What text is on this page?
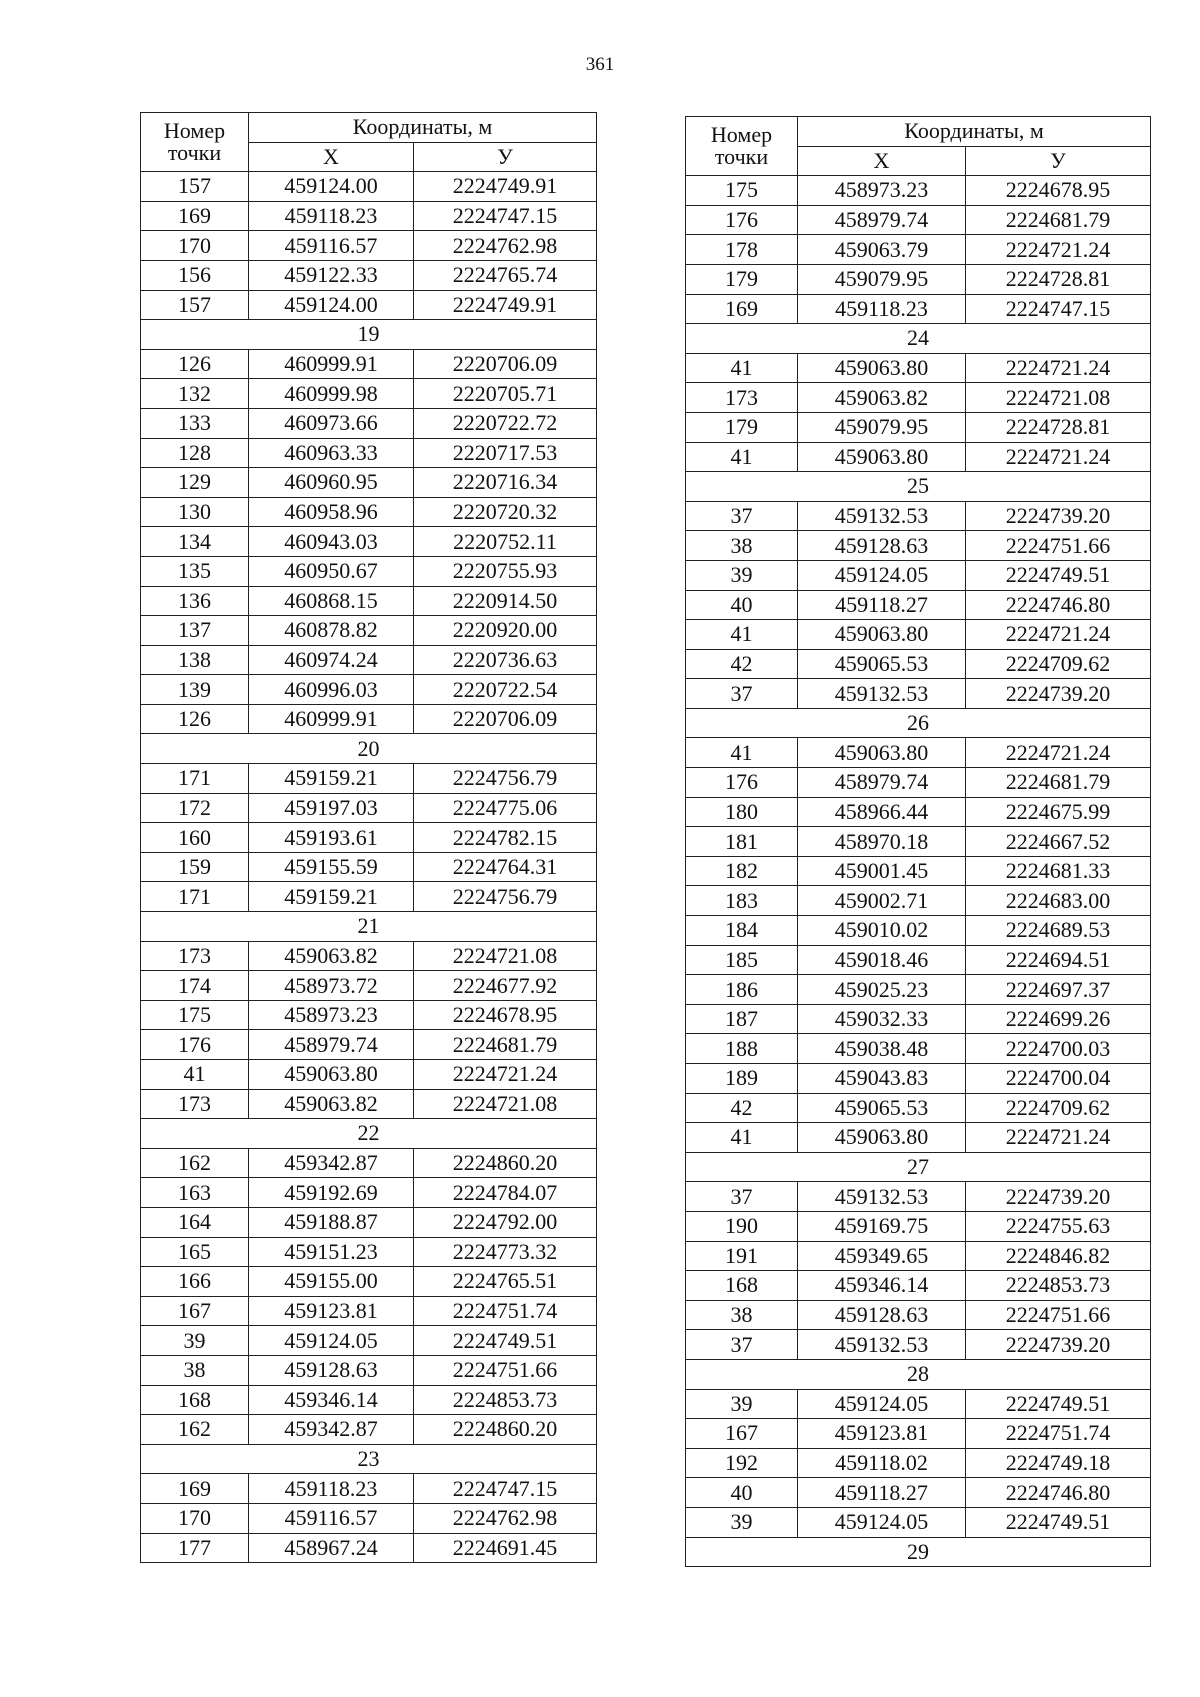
361
Номер
точки	Координаты, м	
	X	У
157	459124.00	2224749.91
169	459118.23	2224747.15
170	459116.57	2224762.98
156	459122.33	2224765.74
157	459124.00	2224749.91
19		
126	460999.91	2220706.09
132	460999.98	2220705.71
133	460973.66	2220722.72
128	460963.33	2220717.53
129	460960.95	2220716.34
130	460958.96	2220720.32
134	460943.03	2220752.11
135	460950.67	2220755.93
136	460868.15	2220914.50
137	460878.82	2220920.00
138	460974.24	2220736.63
139	460996.03	2220722.54
126	460999.91	2220706.09
20		
171	459159.21	2224756.79
172	459197.03	2224775.06
160	459193.61	2224782.15
159	459155.59	2224764.31
171	459159.21	2224756.79
21		
173	459063.82	2224721.08
174	458973.72	2224677.92
175	458973.23	2224678.95
176	458979.74	2224681.79
41	459063.80	2224721.24
173	459063.82	2224721.08
22		
162	459342.87	2224860.20
163	459192.69	2224784.07
164	459188.87	2224792.00
165	459151.23	2224773.32
166	459155.00	2224765.51
167	459123.81	2224751.74
39	459124.05	2224749.51
38	459128.63	2224751.66
168	459346.14	2224853.73
162	459342.87	2224860.20
23		
169	459118.23	2224747.15
170	459116.57	2224762.98
177	458967.24	2224691.45
Номер
точки	Координаты, м	
	X	У
175	458973.23	2224678.95
176	458979.74	2224681.79
178	459063.79	2224721.24
179	459079.95	2224728.81
169	459118.23	2224747.15
24		
41	459063.80	2224721.24
173	459063.82	2224721.08
179	459079.95	2224728.81
41	459063.80	2224721.24
25		
37	459132.53	2224739.20
38	459128.63	2224751.66
39	459124.05	2224749.51
40	459118.27	2224746.80
41	459063.80	2224721.24
42	459065.53	2224709.62
37	459132.53	2224739.20
26		
41	459063.80	2224721.24
176	458979.74	2224681.79
180	458966.44	2224675.99
181	458970.18	2224667.52
182	459001.45	2224681.33
183	459002.71	2224683.00
184	459010.02	2224689.53
185	459018.46	2224694.51
186	459025.23	2224697.37
187	459032.33	2224699.26
188	459038.48	2224700.03
189	459043.83	2224700.04
42	459065.53	2224709.62
41	459063.80	2224721.24
27		
37	459132.53	2224739.20
190	459169.75	2224755.63
191	459349.65	2224846.82
168	459346.14	2224853.73
38	459128.63	2224751.66
37	459132.53	2224739.20
28		
39	459124.05	2224749.51
167	459123.81	2224751.74
192	459118.02	2224749.18
40	459118.27	2224746.80
39	459124.05	2224749.51
29		
